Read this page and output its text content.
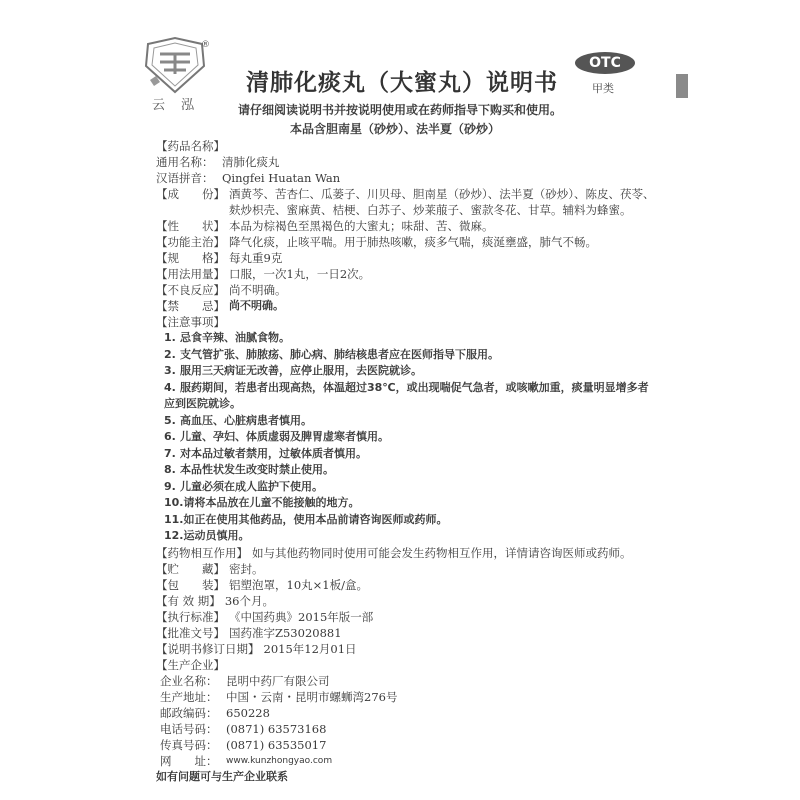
®
云 泓
清肺化痰丸（大蜜丸）说明书
OTC
甲类
请仔细阅读说明书并按说明使用或在药师指导下购买和使用。
本品含胆南星（砂炒）、法半夏（砂炒）
【药品名称】
通用名称： 清肺化痰丸
汉语拼音： Qingfei Huatan Wan
【成　　份】 酒黄芩、苦杏仁、瓜蒌子、川贝母、胆南星（砂炒）、法半夏（砂炒）、陈皮、茯苓、麸炒枳壳、蜜麻黄、桔梗、白苏子、炒莱菔子、蜜款冬花、甘草。辅料为蜂蜜。
【性　　状】 本品为棕褐色至黑褐色的大蜜丸；味甜、苦、微麻。
【功能主治】 降气化痰，止咳平喘。用于肺热咳嗽，痰多气喘，痰涎壅盛，肺气不畅。
【规　　格】 每丸重9克
【用法用量】 口服，一次1丸，一日2次。
【不良反应】 尚不明确。
【禁　　忌】 尚不明确。
【注意事项】
1. 忌食辛辣、油腻食物。
2. 支气管扩张、肺脓疡、肺心病、肺结核患者应在医师指导下服用。
3. 服用三天病证无改善，应停止服用，去医院就诊。
4. 服药期间，若患者出现高热，体温超过38℃，或出现喘促气急者，或咳嗽加重，痰量明显增多者应到医院就诊。
5. 高血压、心脏病患者慎用。
6. 儿童、孕妇、体质虚弱及脾胃虚寒者慎用。
7. 对本品过敏者禁用，过敏体质者慎用。
8. 本品性状发生改变时禁止使用。
9. 儿童必须在成人监护下使用。
10.请将本品放在儿童不能接触的地方。
11.如正在使用其他药品，使用本品前请咨询医师或药师。
12.运动员慎用。
【药物相互作用】 如与其他药物同时使用可能会发生药物相互作用，详情请咨询医师或药师。
【贮　　藏】 密封。
【包　　装】 铝塑泡罩，10丸×1板/盒。
【有 效 期】 36个月。
【执行标准】 《中国药典》2015年版一部
【批准文号】 国药准字Z53020881
【说明书修订日期】 2015年12月01日
【生产企业】
企业名称： 昆明中药厂有限公司
生产地址： 中国・云南・昆明市螺蛳湾276号
邮政编码： 650228
电话号码： (0871) 63573168
传真号码： (0871) 63535017
网　　址： www.kunzhongyao.com
如有问题可与生产企业联系
